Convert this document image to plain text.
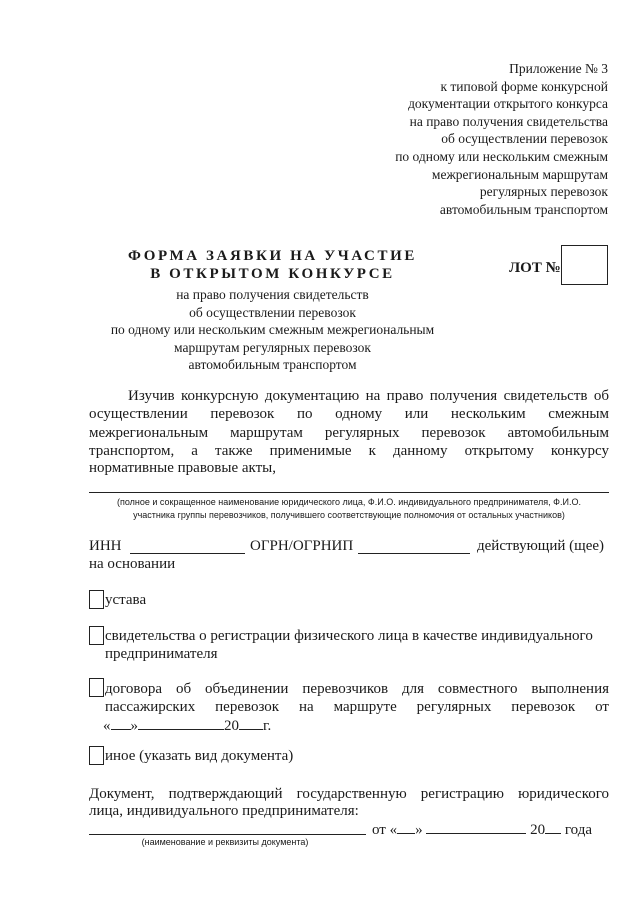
Приложение № 3
к типовой форме конкурсной
документации открытого конкурса
на право получения свидетельства
об осуществлении перевозок
по одному или нескольким смежным
межрегиональным маршрутам
регулярных перевозок
автомобильным транспортом
ФОРМА ЗАЯВКИ НА УЧАСТИЕ
В ОТКРЫТОМ КОНКУРСЕ	ЛОТ №
на право получения свидетельств
об осуществлении перевозок
по одному или нескольким смежным межрегиональным
маршрутам регулярных перевозок
автомобильным транспортом
Изучив конкурсную документацию на право получения свидетельств об
осуществлении перевозок по одному или нескольким смежным
межрегиональным маршрутам регулярных перевозок автомобильным
транспортом, а также применимые к данному открытому конкурсу
нормативные правовые акты,
(полное и сокращенное наименование юридического лица, Ф.И.О. индивидуального предпринимателя, Ф.И.О.
участника группы перевозчиков, получившего соответствующие полномочия от остальных участников)
ИНН	ОГРН/ОГРНИП	действующий (щее)
на основании
устава
свидетельства о регистрации физического лица в качестве индивидуального
предпринимателя
договора об объединении перевозчиков для совместного выполнения
пассажирских перевозок на маршруте регулярных перевозок от
« »	20 г.
иное (указать вид документа)
Документ, подтверждающий государственную регистрацию юридического
лица, индивидуального предпринимателя:
от « »	20 года
(наименование и реквизиты документа)
